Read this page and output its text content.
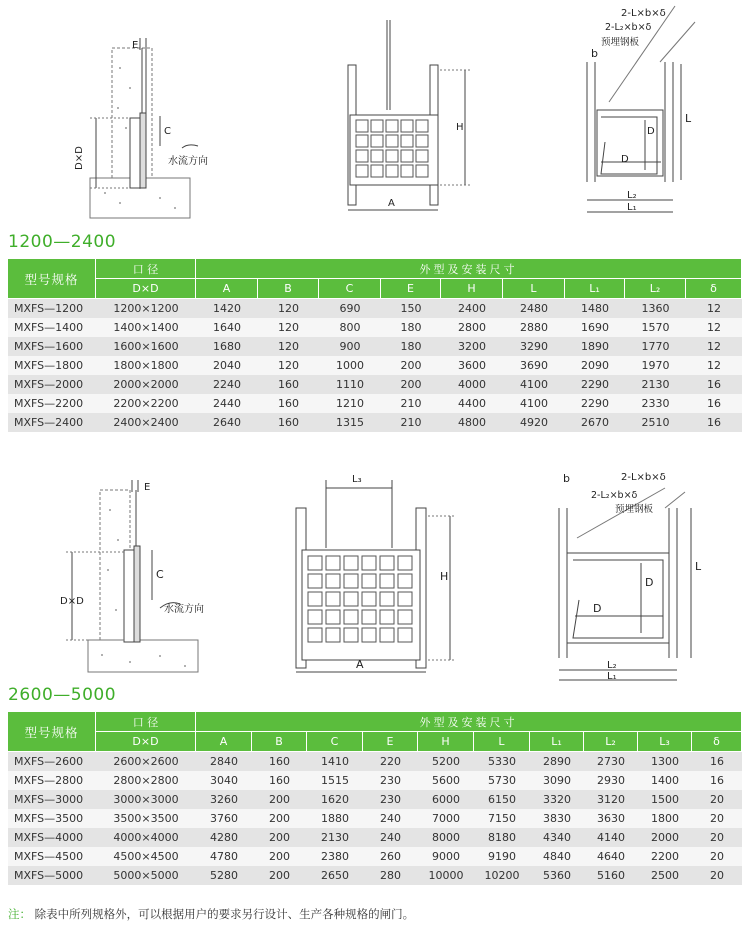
E
C
D×D	水流方向
A
H
2-L×b×δ
2-L₂×b×δ
预埋钢板
b
D
D
L
L₂
L₁
1200—2400
型号规格	口 径	外型及安装尺寸								
	D×D	A	B	C	E	H	L	L₁	L₂	δ
MXFS—1200	1200×1200	1420	120	690	150	2400	2480	1480	1360	12
MXFS—1400	1400×1400	1640	120	800	180	2800	2880	1690	1570	12
MXFS—1600	1600×1600	1680	120	900	180	3200	3290	1890	1770	12
MXFS—1800	1800×1800	2040	120	1000	200	3600	3690	2090	1970	12
MXFS—2000	2000×2000	2240	160	1110	200	4000	4100	2290	2130	16
MXFS—2200	2200×2200	2440	160	1210	210	4400	4100	2290	2330	16
MXFS—2400	2400×2400	2640	160	1315	210	4800	4920	2670	2510	16
E
C
D×D
水流方向
L₃
A
H
b	2-L×b×δ
2-L₂×b×δ
预埋钢板
D
D
L
L₂
L₁
2600—5000
型号规格	口 径	外型及安装尺寸									
	D×D	A	B	C	E	H	L	L₁	L₂	L₃	δ
MXFS—2600	2600×2600	2840	160	1410	220	5200	5330	2890	2730	1300	16
MXFS—2800	2800×2800	3040	160	1515	230	5600	5730	3090	2930	1400	16
MXFS—3000	3000×3000	3260	200	1620	230	6000	6150	3320	3120	1500	20
MXFS—3500	3500×3500	3760	200	1880	240	7000	7150	3830	3630	1800	20
MXFS—4000	4000×4000	4280	200	2130	240	8000	8180	4340	4140	2000	20
MXFS—4500	4500×4500	4780	200	2380	260	9000	9190	4840	4640	2200	20
MXFS—5000	5000×5000	5280	200	2650	280	10000	10200	5360	5160	2500	20
注： 除表中所列规格外，可以根据用户的要求另行设计、生产各种规格的闸门。
